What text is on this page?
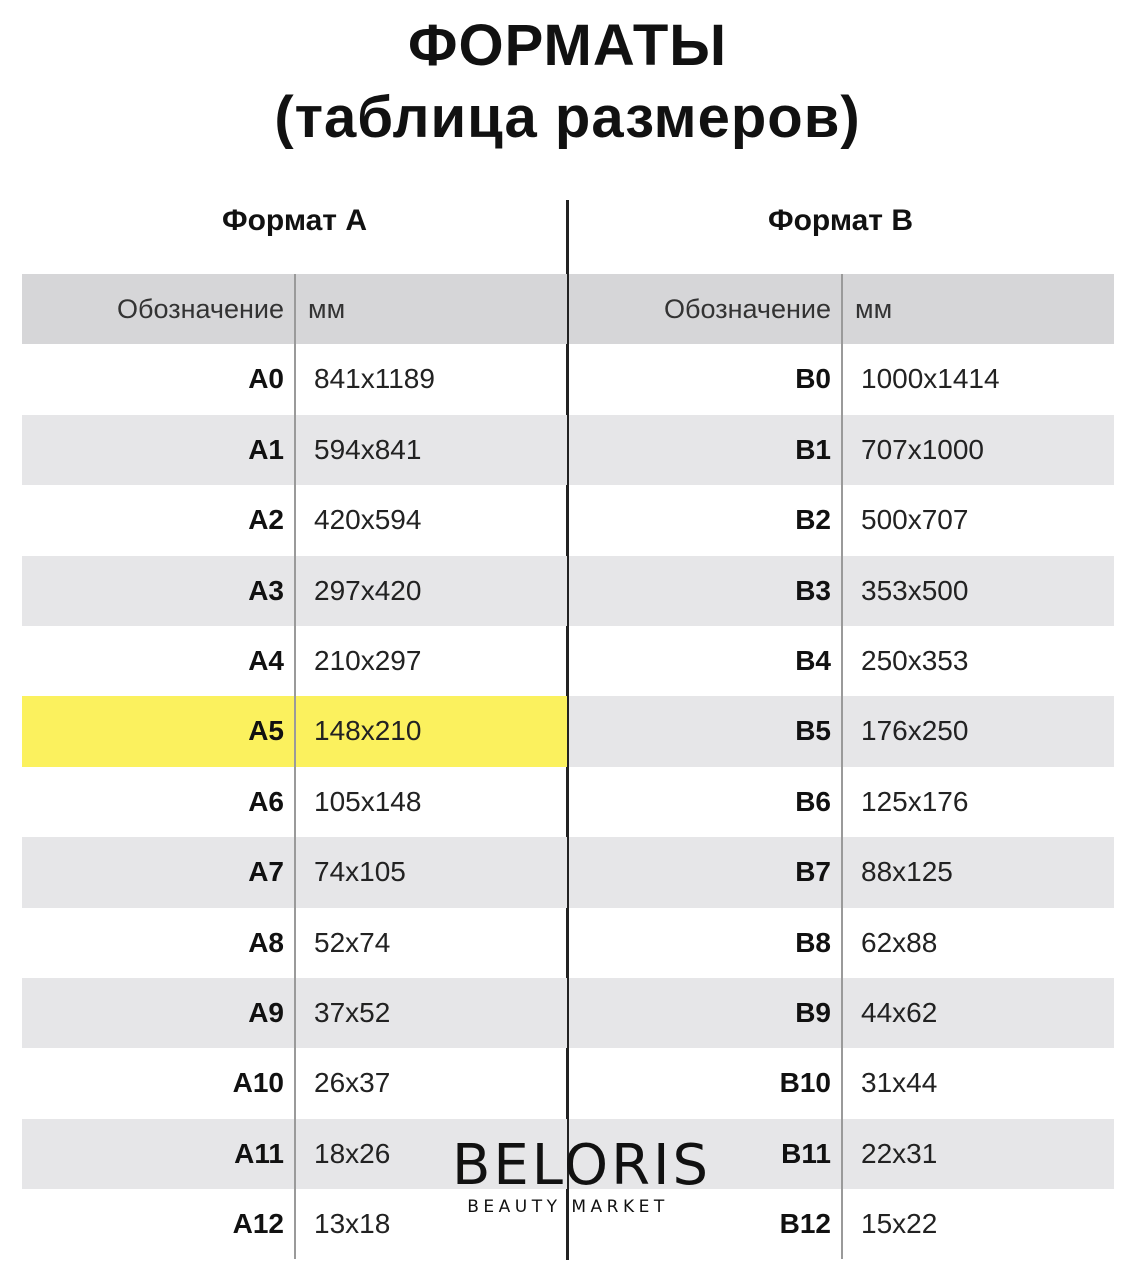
ФОРМАТЫ
(таблица размеров)
Формат А	Формат В
Обозначение мм
A0	841x1189
A1	594x841
A2	420x594
A3	297x420
A4	210x297
A5	148x210
A6	105x148
A7	74x105
A8	52x74
A9	37x52
A10	26x37
A11	18x26
A12	13x18
Обозначение мм
B0	1000x1414
B1	707x1000
B2	500x707
B3	353x500
B4	250x353
B5	176x250
B6	125x176
B7	88x125
B8	62x88
B9	44x62
B10	31x44
B11	22x31
B12	15x22
BELORIS
BEAUTY MARKET
